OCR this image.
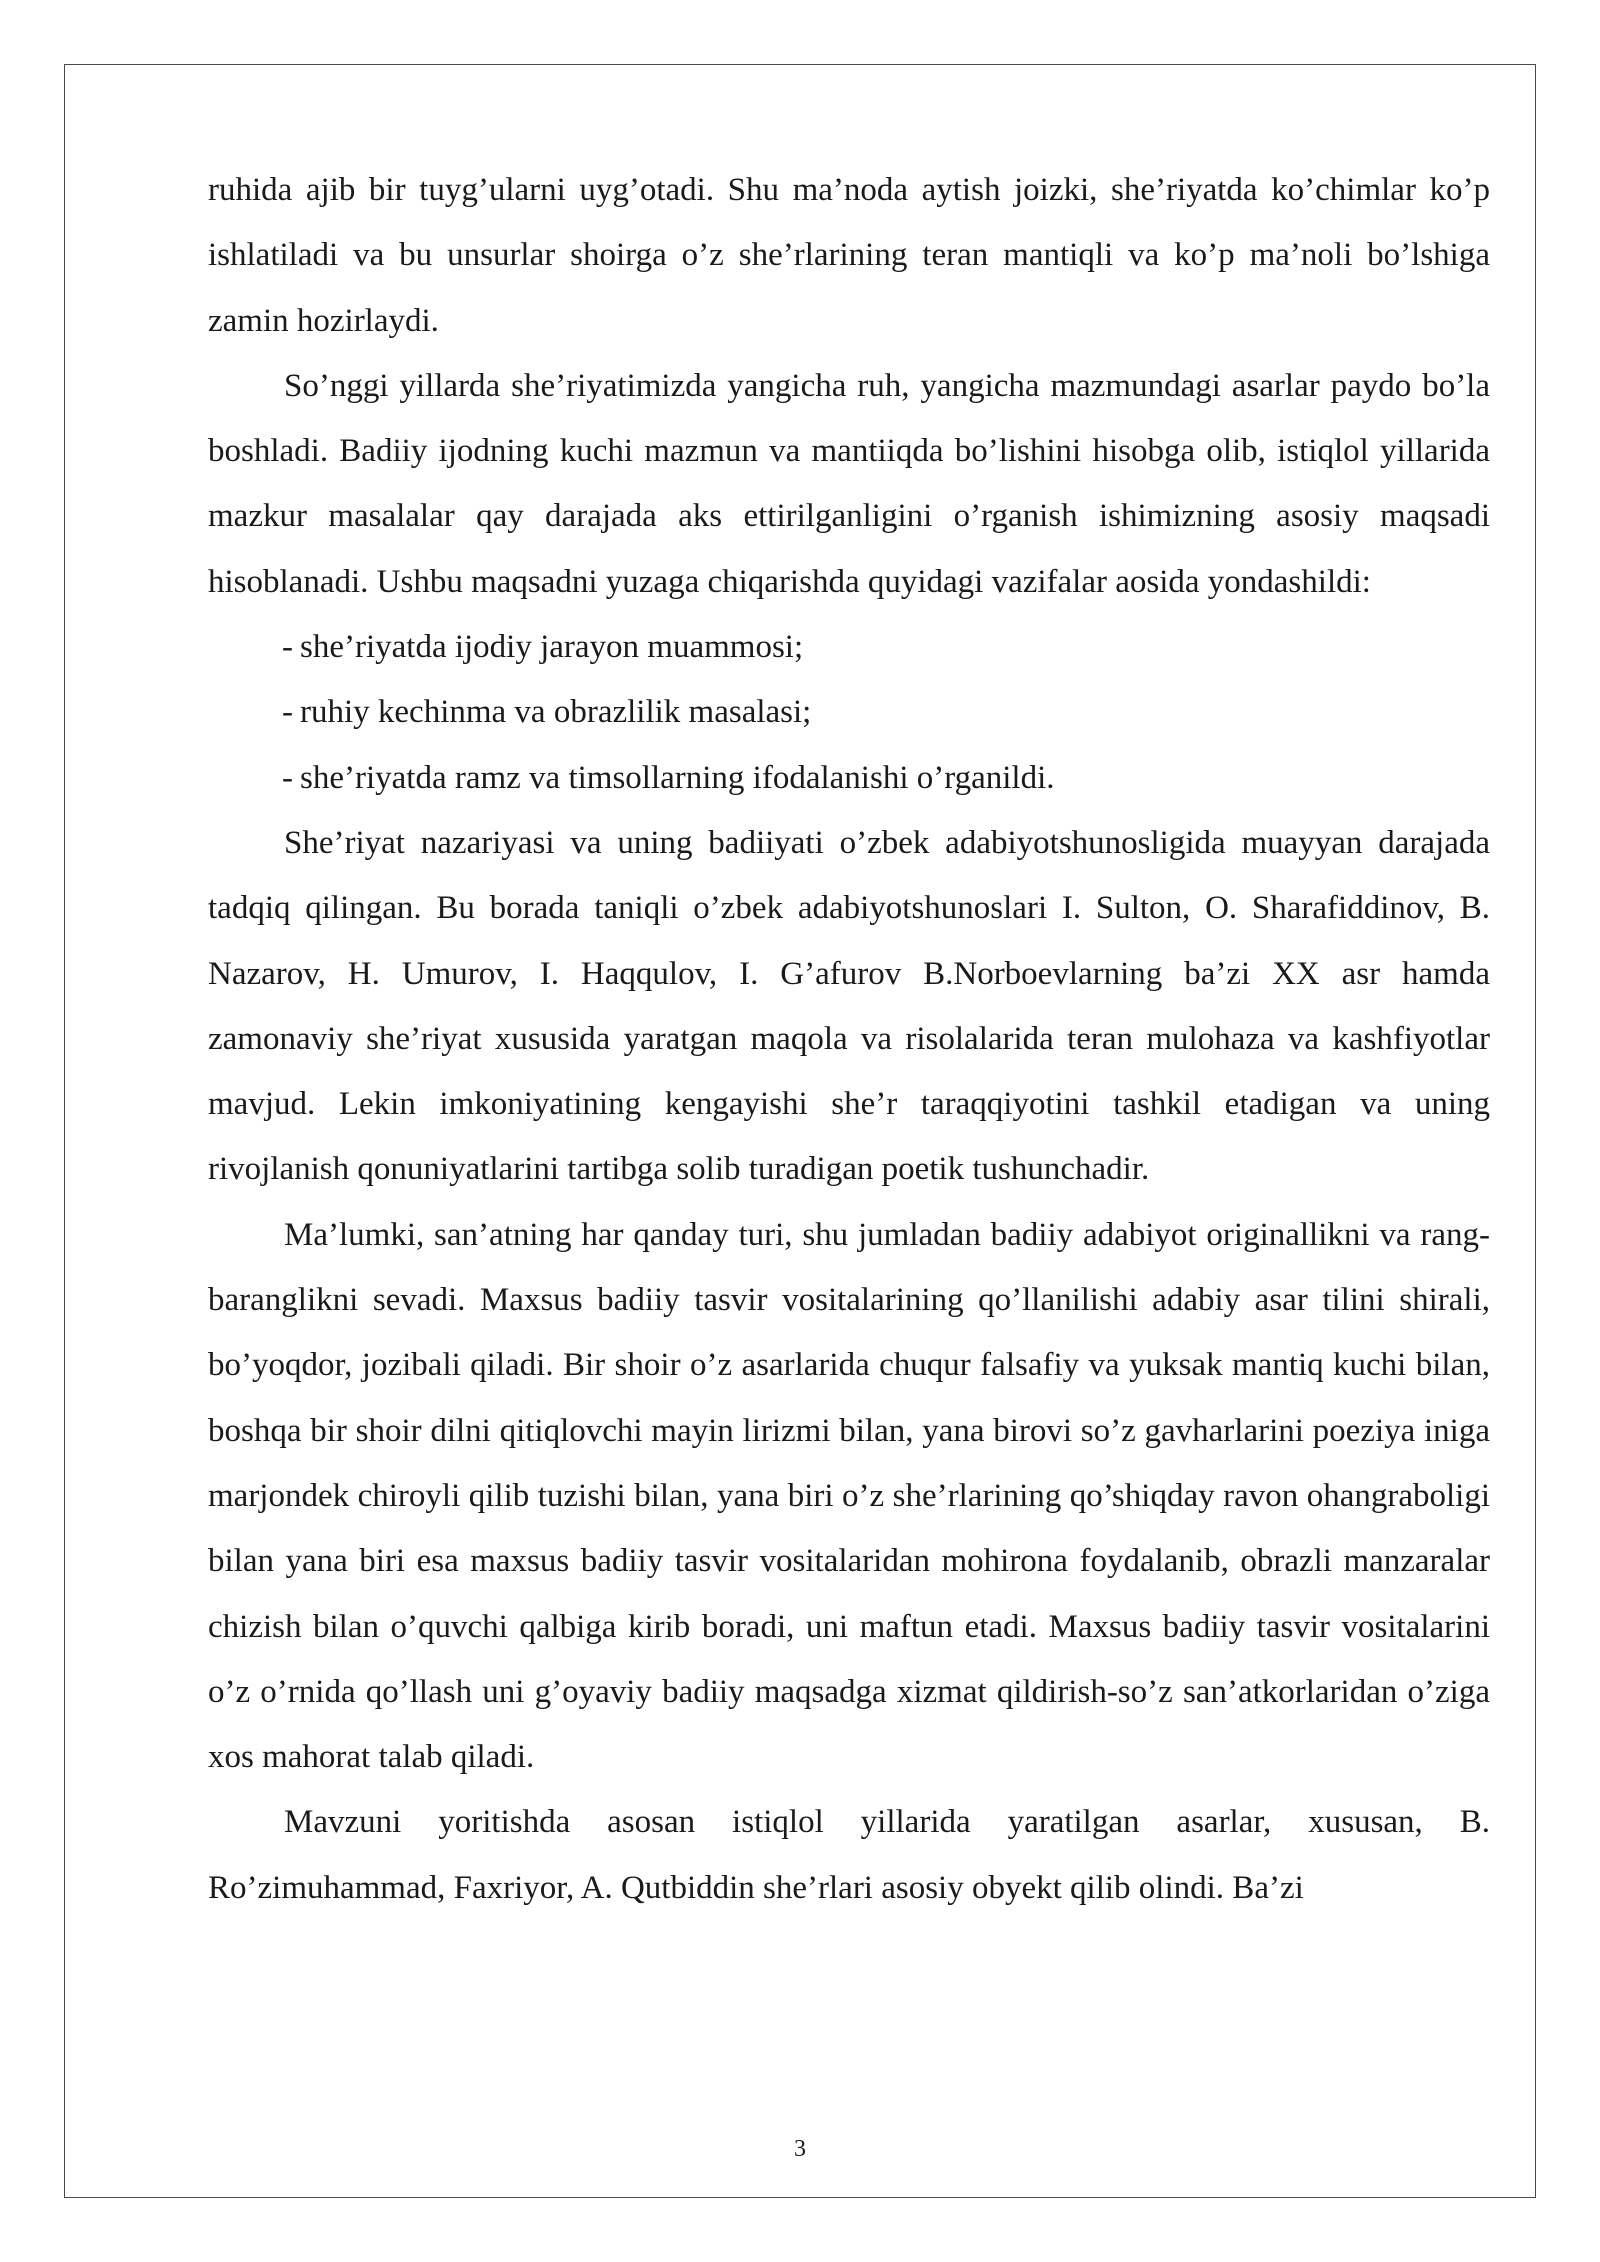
ruhida ajib bir tuyg’ularni uyg’otadi. Shu ma’noda aytish joizki, she’riyatda ko’chimlar ko’p ishlatiladi va bu unsurlar shoirga o’z she’rlarining teran mantiqli va ko’p ma’noli bo’lshiga zamin hozirlaydi.

So’nggi yillarda she’riyatimizda yangicha ruh, yangicha mazmundagi asarlar paydo bo’la boshladi. Badiiy ijodning kuchi mazmun va mantiiqda bo’lishini hisobga olib, istiqlol yillarida mazkur masalalar qay darajada aks ettirilganligini o’rganish ishimizning asosiy maqsadi hisoblanadi. Ushbu maqsadni yuzaga chiqarishda quyidagi vazifalar aosida yondashildi:

- she’riyatda ijodiy jarayon muammosi;
- ruhiy kechinma va obrazlilik masalasi;
- she’riyatda ramz va timsollarning ifodalanishi o’rganildi.

She’riyat nazariyasi va uning badiiyati o’zbek adabiyotshunosligida muayyan darajada tadqiq qilingan. Bu borada taniqli o’zbek adabiyotshunoslari I. Sulton, O. Sharafiddinov, B. Nazarov, H. Umurov, I. Haqqulov, I. G’afurov B.Norboevlarning ba’zi XX asr hamda zamonaviy she’riyat xususida yaratgan maqola va risolalarida teran mulohaza va kashfiyotlar mavjud. Lekin imkoniyatining kengayishi she’r taraqqiyotini tashkil etadigan va uning rivojlanish qonuniyatlarini tartibga solib turadigan poetik tushunchadir.

Ma’lumki, san’atning har qanday turi, shu jumladan badiiy adabiyot originallikni va rang-baranglikni sevadi. Maxsus badiiy tasvir vositalarining qo’llanilishi adabiy asar tilini shirali, bo’yoqdor, jozibali qiladi. Bir shoir o’z asarlarida chuqur falsafiy va yuksak mantiq kuchi bilan, boshqa bir shoir dilni qitiqlovchi mayin lirizmi bilan, yana birovi so’z gavharlarini poeziya iniga marjondek chiroyli qilib tuzishi bilan, yana biri o’z she’rlarining qo’shiqday ravon ohangraboligi bilan yana biri esa maxsus badiiy tasvir vositalaridan mohirona foydalanib, obrazli manzaralar chizish bilan o’quvchi qalbiga kirib boradi, uni maftun etadi. Maxsus badiiy tasvir vositalarini o’z o’rnida qo’llash uni g’oyaviy badiiy maqsadga xizmat qildirish-so’z san’atkorlaridan o’ziga xos mahorat talab qiladi.

Mavzuni yoritishda asosan istiqlol yillarida yaratilgan asarlar, xususan, B. Ro’zimuhammad, Faxriyor, A. Qutbiddin she’rlari asosiy obyekt qilib olindi. Ba’zi

3
